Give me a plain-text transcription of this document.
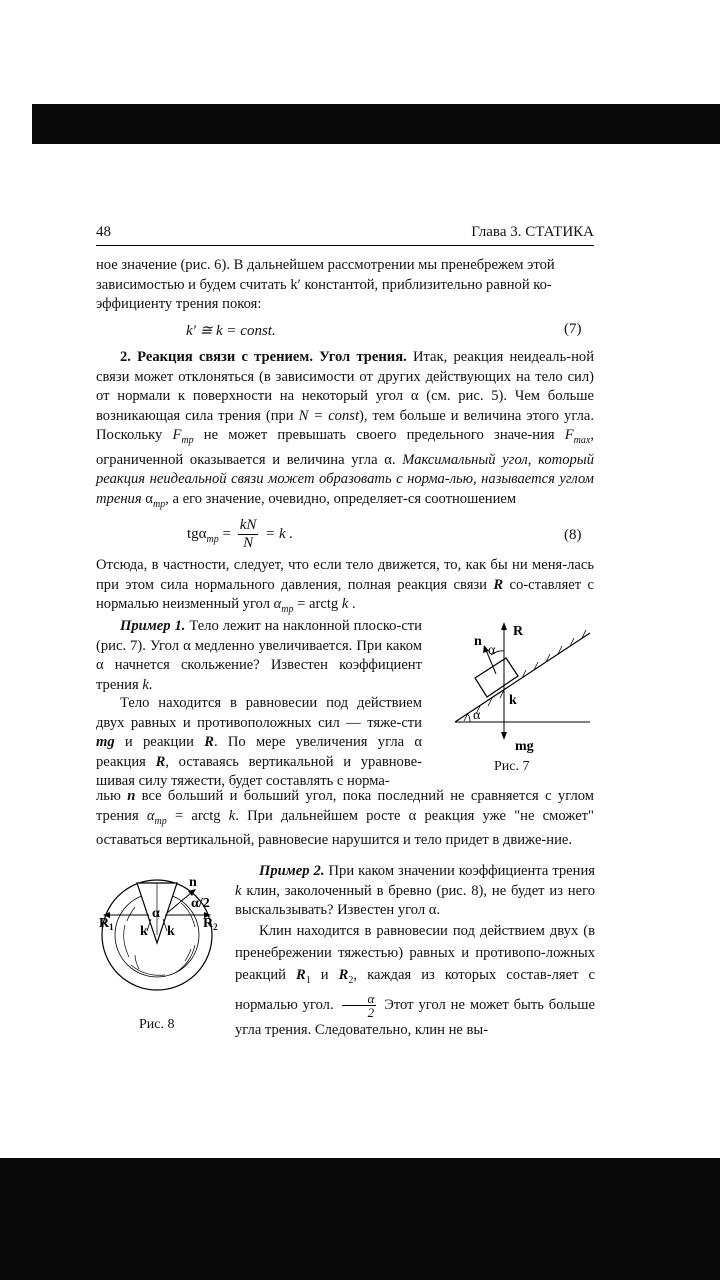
48	Глава 3. СТАТИКА
ное значение (рис. 6). В дальнейшем рассмотрении мы пренебрежем этой
зависимостью и будем считать k′ константой, приблизительно равной ко-
эффициенту трения покоя:
k′ ≅ k = const.	(7)

2. Реакция связи с трением. Угол трения. Итак, реакция неидеаль-ной связи может отклоняться (в зависимости от других действующих на тело сил) от нормали к поверхности на некоторый угол α (см. рис. 5). Чем больше возникающая сила трения (при N = const), тем больше и величина этого угла. Поскольку $F_{тр}$ не может превышать своего предельного значе-ния $F_{max}$, ограниченной оказывается и величина угла α. Максимальный угол, который реакция неидеальной связи может образовать с норма-лью, называется углом трения $\alpha_{тр}$, а его значение, очевидно, определяет-ся соотношением

$tg\alpha_{тр} = \frac{kN}{N} = k$ .	(8)

Отсюда, в частности, следует, что если тело движется, то, как бы ни меня-лась при этом сила нормального давления, полная реакция связи R со-ставляет с нормалью неизменный угол $\alpha_{тр}$ = arctg k .

Пример 1. Тело лежит на наклонной плоско-сти (рис. 7). Угол α медленно увеличивается. При каком α начнется скольжение? Известен коэффициент трения k.

Тело находится в равновесии под действием двух равных и противоположных сил — тяже-сти mg и реакции R. По мере увеличения угла α реакция R, оставаясь вертикальной и уравнове-шивая силу тяжести, будет составлять с норма-

лью n все больший и больший угол, пока последний не сравняется с углом трения $\alpha_{тр}$ = arctg k. При дальнейшем росте α реакция уже "не сможет" оставаться вертикальной, равновесие нарушится и тело придет в движе-ние.

n
α
R
k
α
mg
Рис. 7

Пример 2. При каком значении коэффициента трения k клин, заколоченный в бревно (рис. 8), не будет из него выскальзывать? Известен угол α.

Клин находится в равновесии под действием двух (в пренебрежении тяжестью) равных и противопо-ложных реакций $R_1$ и $R_2$, каждая из которых состав-ляет с нормалью угол. $\frac{\alpha}{2}$ Этот угол не может быть больше угла трения. Следовательно, клин не вы-

n
α/2
α
$R_1$	$R_2$
k k
Рис. 8
